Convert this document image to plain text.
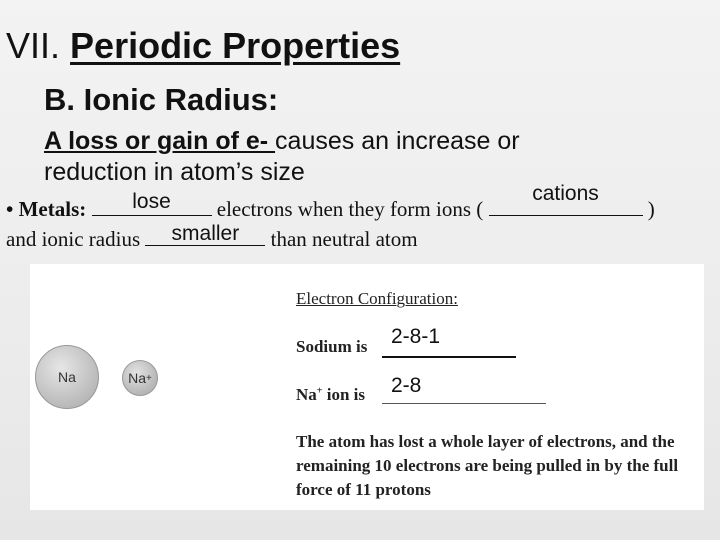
VII. Periodic Properties
B. Ionic Radius:
A loss or gain of e- causes an increase or
reduction in atom’s size
• Metals:	lose	electrons when they form ions (
cations
)
and ionic radius	smaller	than neutral atom
Na	Na +
Electron Configuration:
Sodium is 2-8-1
Na+ ion is 2-8
The atom has lost a whole layer of electrons, and the remaining 10 electrons are being pulled in by the full force of 11 protons
